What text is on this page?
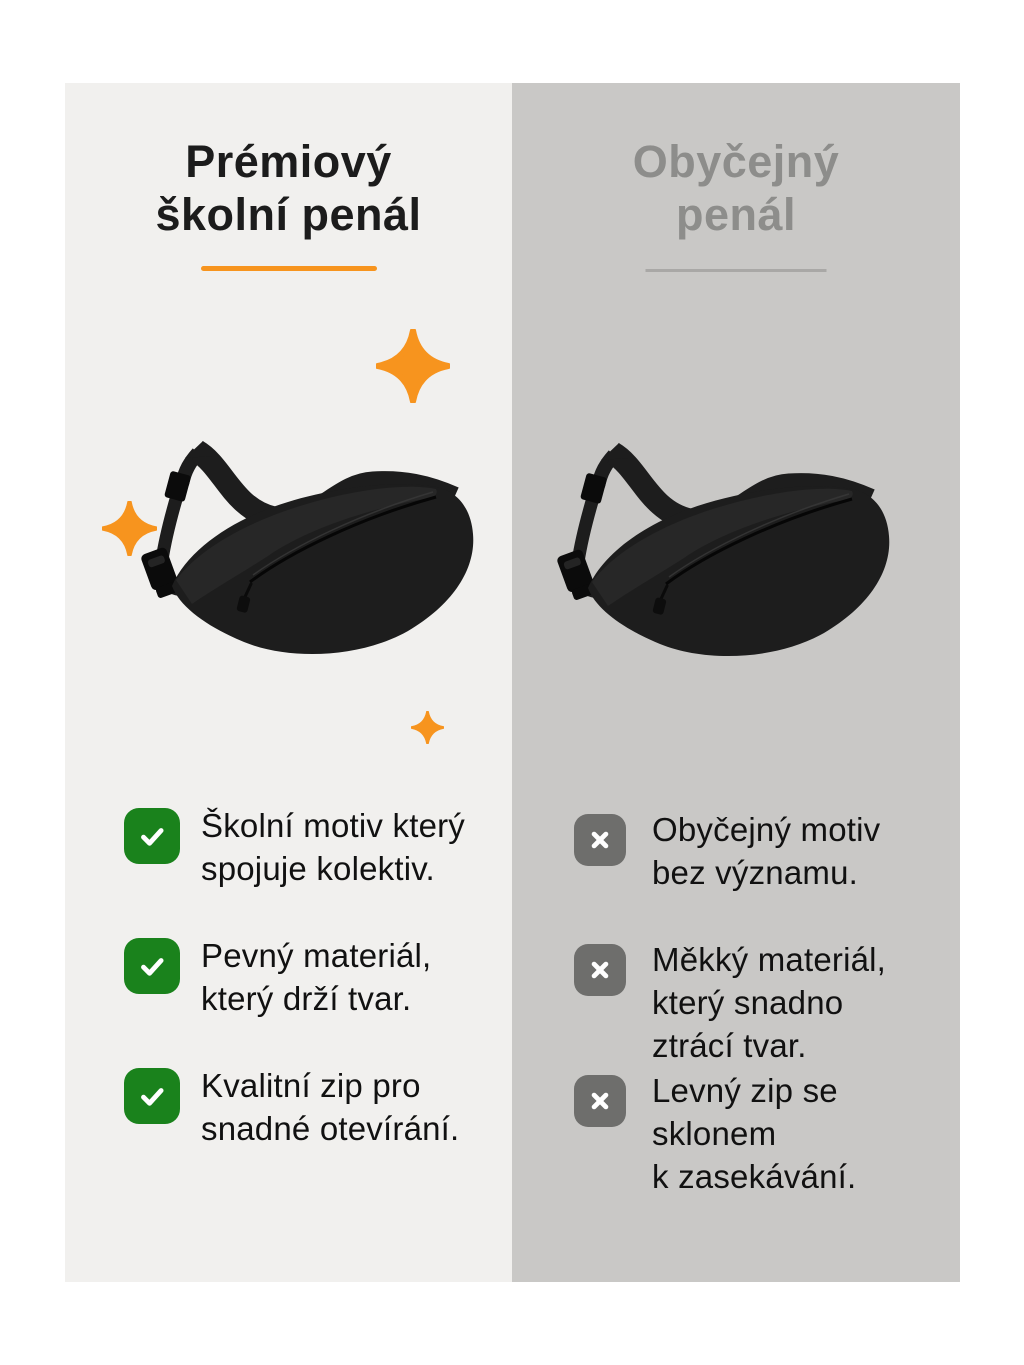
Prémiový
školní penál
Školní motiv který
spojuje kolektiv.
Pevný materiál,
který drží tvar.
Kvalitní zip pro
snadné otevírání.
Obyčejný
penál
Obyčejný motiv
bez významu.
Měkký materiál,
který snadno
ztrácí tvar.
Levný zip se
sklonem
k zasekávání.
